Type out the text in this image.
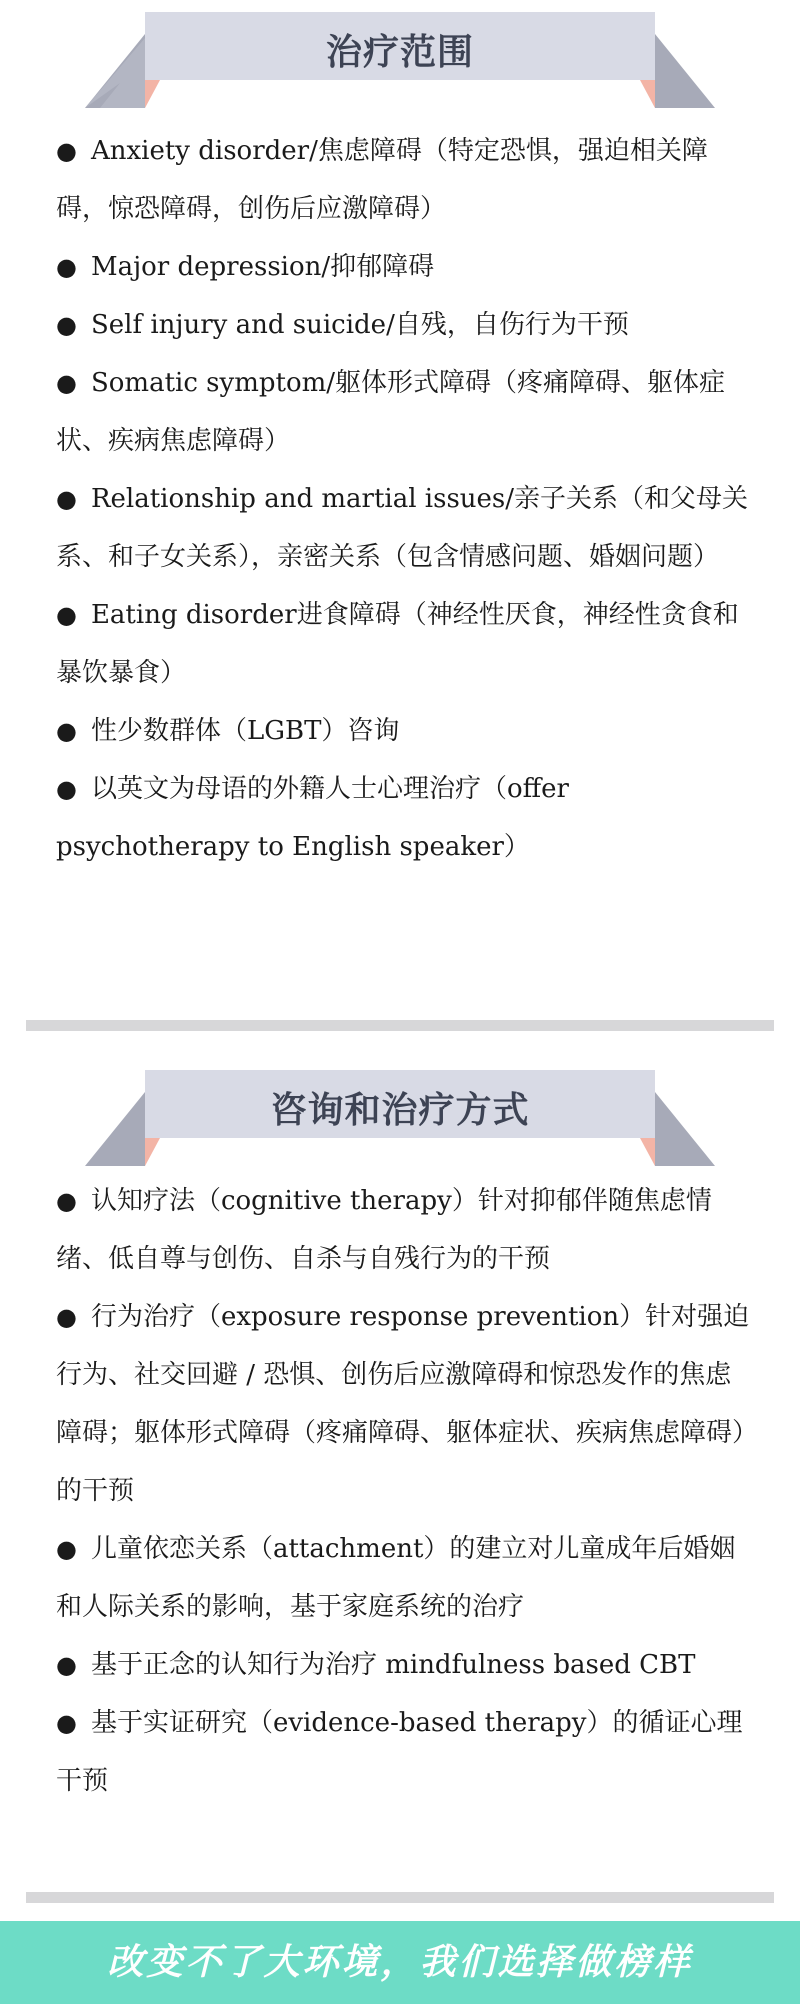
治疗范围
● Anxiety disorder/焦虑障碍（特定恐惧，强迫相关障碍，惊恐障碍，创伤后应激障碍）
● Major depression/抑郁障碍
● Self injury and suicide/自残，自伤行为干预
● Somatic symptom/躯体形式障碍（疼痛障碍、躯体症状、疾病焦虑障碍）
● Relationship and martial issues/亲子关系（和父母关系、和子女关系），亲密关系（包含情感问题、婚姻问题）
● Eating disorder进食障碍（神经性厌食，神经性贪食和暴饮暴食）
● 性少数群体（LGBT）咨询
● 以英文为母语的外籍人士心理治疗（offer psychotherapy to English speaker）
咨询和治疗方式
● 认知疗法（cognitive therapy）针对抑郁伴随焦虑情绪、低自尊与创伤、自杀与自残行为的干预
● 行为治疗（exposure response prevention）针对强迫行为、社交回避 / 恐惧、创伤后应激障碍和惊恐发作的焦虑障碍；躯体形式障碍（疼痛障碍、躯体症状、疾病焦虑障碍）的干预
● 儿童依恋关系（attachment）的建立对儿童成年后婚姻和人际关系的影响，基于家庭系统的治疗
● 基于正念的认知行为治疗 mindfulness based CBT
● 基于实证研究（evidence-based therapy）的循证心理干预
改变不了大环境，我们选择做榜样
